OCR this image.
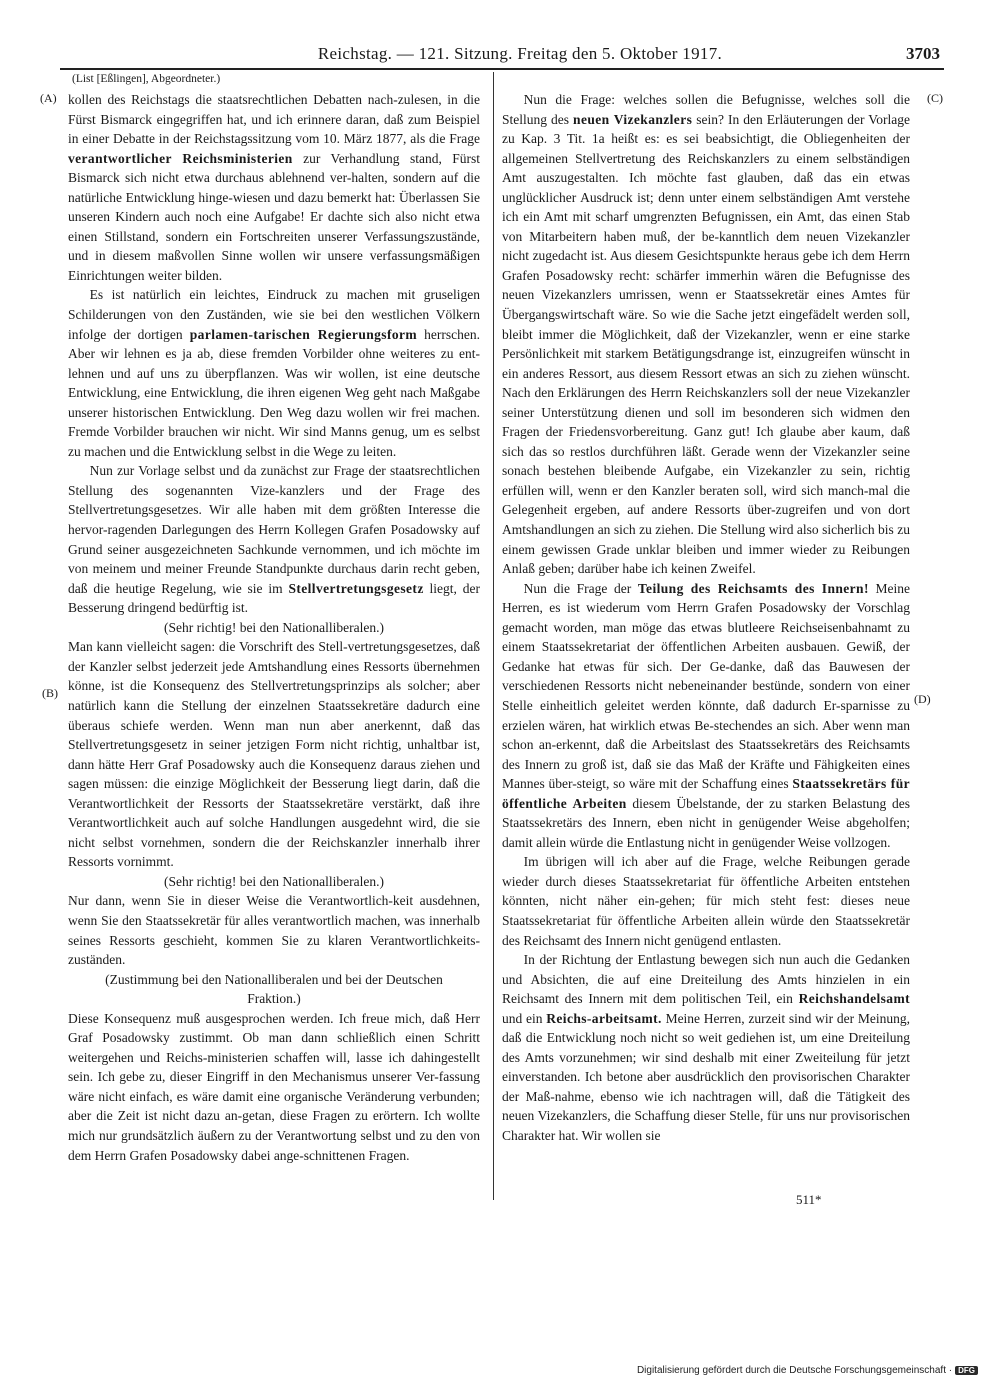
Reichstag. — 121. Sitzung. Freitag den 5. Oktober 1917.	3703
(List [Eßlingen], Abgeordneter.)
(A)
(B)
(C)
(D)

kollen des Reichstags die staatsrechtlichen Debatten nach-zulesen, in die Fürst Bismarck eingegriffen hat, und ich erinnere daran, daß zum Beispiel in einer Debatte in der Reichstagssitzung vom 10. März 1877, als die Frage verantwortlicher Reichsministerien zur Verhandlung stand, Fürst Bismarck sich nicht etwa durchaus ablehnend ver-halten, sondern auf die natürliche Entwicklung hinge-wiesen und dazu bemerkt hat: Überlassen Sie unseren Kindern auch noch eine Aufgabe! Er dachte sich also nicht etwa einen Stillstand, sondern ein Fortschreiten unserer Verfassungszustände, und in diesem maßvollen Sinne wollen wir unsere verfassungsmäßigen Einrichtungen weiter bilden.

Es ist natürlich ein leichtes, Eindruck zu machen mit gruseligen Schilderungen von den Zuständen, wie sie bei den westlichen Völkern infolge der dortigen parlamen-tarischen Regierungsform herrschen. Aber wir lehnen es ja ab, diese fremden Vorbilder ohne weiteres zu ent-lehnen und auf uns zu überpflanzen. Was wir wollen, ist eine deutsche Entwicklung, eine Entwicklung, die ihren eigenen Weg geht nach Maßgabe unserer historischen Entwicklung. Den Weg dazu wollen wir frei machen. Fremde Vorbilder brauchen wir nicht. Wir sind Manns genug, um es selbst zu machen und die Entwicklung selbst in die Wege zu leiten.

Nun zur Vorlage selbst und da zunächst zur Frage der staatsrechtlichen Stellung des sogenannten Vize-kanzlers und der Frage des Stellvertretungsgesetzes. Wir alle haben mit dem größten Interesse die hervor-ragenden Darlegungen des Herrn Kollegen Grafen Posadowsky auf Grund seiner ausgezeichneten Sachkunde vernommen, und ich möchte im von meinem und meiner Freunde Standpunkte durchaus darin recht geben, daß die heutige Regelung, wie sie im Stellvertretungsgesetz liegt, der Besserung dringend bedürftig ist.

(Sehr richtig! bei den Nationalliberalen.)

Man kann vielleicht sagen: die Vorschrift des Stell-vertretungsgesetzes, daß der Kanzler selbst jederzeit jede Amtshandlung eines Ressorts übernehmen könne, ist die Konsequenz des Stellvertretungsprinzips als solcher; aber natürlich kann die Stellung der einzelnen Staatssekretäre dadurch eine überaus schiefe werden. Wenn man nun aber anerkennt, daß das Stellvertretungsgesetz in seiner jetzigen Form nicht richtig, unhaltbar ist, dann hätte Herr Graf Posadowsky auch die Konsequenz daraus ziehen und sagen müssen: die einzige Möglichkeit der Besserung liegt darin, daß die Verantwortlichkeit der Ressorts der Staatssekretäre verstärkt, daß ihre Verantwortlichkeit auch auf solche Handlungen ausgedehnt wird, die sie nicht selbst vornehmen, sondern die der Reichskanzler innerhalb ihrer Ressorts vornimmt.

(Sehr richtig! bei den Nationalliberalen.)

Nur dann, wenn Sie in dieser Weise die Verantwortlich-keit ausdehnen, wenn Sie den Staatssekretär für alles verantwortlich machen, was innerhalb seines Ressorts geschieht, kommen Sie zu klaren Verantwortlichkeits-zuständen.

(Zustimmung bei den Nationalliberalen und bei der Deutschen Fraktion.)

Diese Konsequenz muß ausgesprochen werden. Ich freue mich, daß Herr Graf Posadowsky zustimmt. Ob man dann schließlich einen Schritt weitergehen und Reichs-ministerien schaffen will, lasse ich dahingestellt sein. Ich gebe zu, dieser Eingriff in den Mechanismus unserer Ver-fassung wäre nicht einfach, es wäre damit eine organische Veränderung verbunden; aber die Zeit ist nicht dazu an-getan, diese Fragen zu erörtern. Ich wollte mich nur grundsätzlich äußern zu der Verantwortung selbst und zu den von dem Herrn Grafen Posadowsky dabei ange-schnittenen Fragen.

Nun die Frage: welches sollen die Befugnisse, welches soll die Stellung des neuen Vizekanzlers sein? In den Erläuterungen der Vorlage zu Kap. 3 Tit. 1a heißt es: es sei beabsichtigt, die Obliegenheiten der allgemeinen Stellvertretung des Reichskanzlers zu einem selbständigen Amt auszugestalten. Ich möchte fast glauben, daß das ein etwas unglücklicher Ausdruck ist; denn unter einem selbständigen Amt verstehe ich ein Amt mit scharf umgrenzten Befugnissen, ein Amt, das einen Stab von Mitarbeitern haben muß, der be-kanntlich dem neuen Vizekanzler nicht zugedacht ist. Aus diesem Gesichtspunkte heraus gebe ich dem Herrn Grafen Posadowsky recht: schärfer immerhin wären die Befugnisse des neuen Vizekanzlers umrissen, wenn er Staatssekretär eines Amtes für Übergangswirtschaft wäre. So wie die Sache jetzt eingefädelt werden soll, bleibt immer die Möglichkeit, daß der Vizekanzler, wenn er eine starke Persönlichkeit mit starkem Betätigungsdrange ist, einzugreifen wünscht in ein anderes Ressort, aus diesem Ressort etwas an sich zu ziehen wünscht. Nach den Erklärungen des Herrn Reichskanzlers soll der neue Vizekanzler seiner Unterstützung dienen und soll im besonderen sich widmen den Fragen der Friedensvorbereitung. Ganz gut! Ich glaube aber kaum, daß sich das so restlos durchführen läßt. Gerade wenn der Vizekanzler seine sonach bestehen bleibende Aufgabe, ein Vizekanzler zu sein, richtig erfüllen will, wenn er den Kanzler beraten soll, wird sich manch-mal die Gelegenheit ergeben, auf andere Ressorts über-zugreifen und von dort Amtshandlungen an sich zu ziehen. Die Stellung wird also sicherlich bis zu einem gewissen Grade unklar bleiben und immer wieder zu Reibungen Anlaß geben; darüber habe ich keinen Zweifel.

Nun die Frage der Teilung des Reichsamts des Innern! Meine Herren, es ist wiederum vom Herrn Grafen Posadowsky der Vorschlag gemacht worden, man möge das etwas blutleere Reichseisenbahnamt zu einem Staatssekretariat der öffentlichen Arbeiten ausbauen. Gewiß, der Gedanke hat etwas für sich. Der Ge-danke, daß das Bauwesen der verschiedenen Ressorts nicht nebeneinander bestünde, sondern von einer Stelle einheitlich geleitet werden könnte, daß dadurch Er-sparnisse zu erzielen wären, hat wirklich etwas Be-stechendes an sich. Aber wenn man schon an-erkennt, daß die Arbeitslast des Staatssekretärs des Reichsamts des Innern zu groß ist, daß sie das Maß der Kräfte und Fähigkeiten eines Mannes über-steigt, so wäre mit der Schaffung eines Staatssekretärs für öffentliche Arbeiten diesem Übelstande, der zu starken Belastung des Staatssekretärs des Innern, eben nicht in genügender Weise abgeholfen; damit allein würde die Entlastung nicht in genügender Weise vollzogen.

Im übrigen will ich aber auf die Frage, welche Reibungen gerade wieder durch dieses Staatssekretariat für öffentliche Arbeiten entstehen könnten, nicht näher ein-gehen; für mich steht fest: dieses neue Staatssekretariat für öffentliche Arbeiten allein würde den Staatssekretär des Reichsamt des Innern nicht genügend entlasten.

In der Richtung der Entlastung bewegen sich nun auch die Gedanken und Absichten, die auf eine Dreiteilung des Amts hinzielen in ein Reichsamt des Innern mit dem politischen Teil, ein Reichshandelsamt und ein Reichs-arbeitsamt. Meine Herren, zurzeit sind wir der Meinung, daß die Entwicklung noch nicht so weit gediehen ist, um eine Dreiteilung des Amts vorzunehmen; wir sind deshalb mit einer Zweiteilung für jetzt einverstanden. Ich betone aber ausdrücklich den provisorischen Charakter der Maß-nahme, ebenso wie ich nachtragen will, daß die Tätigkeit des neuen Vizekanzlers, die Schaffung dieser Stelle, für uns nur provisorischen Charakter hat. Wir wollen sie

511*
Digitalisierung gefördert durch die Deutsche Forschungsgemeinschaft · DFG
